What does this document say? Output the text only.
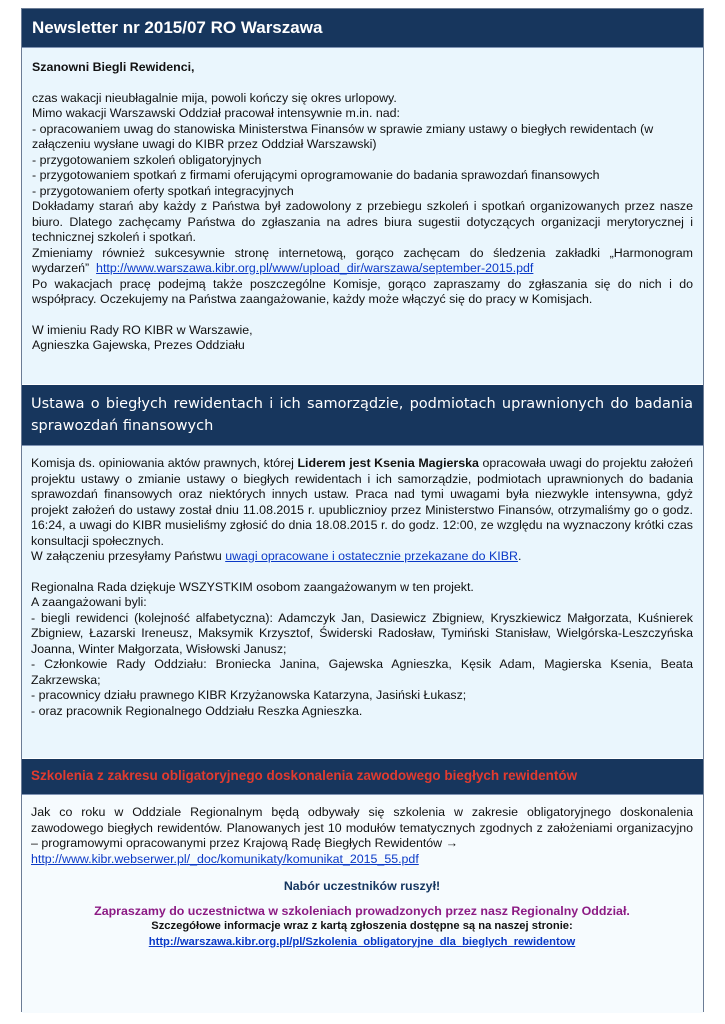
Newsletter nr 2015/07 RO Warszawa

Szanowni Biegli Rewidenci,

czas wakacji nieubłagalnie mija, powoli kończy się okres urlopowy.

Mimo wakacji Warszawski Oddział pracował intensywnie m.in. nad:

- opracowaniem uwag do stanowiska Ministerstwa Finansów w sprawie zmiany ustawy o biegłych rewidentach (w załączeniu wysłane uwagi do KIBR przez Oddział Warszawski)

- przygotowaniem szkoleń obligatoryjnych

- przygotowaniem spotkań z firmami oferującymi oprogramowanie do badania sprawozdań finansowych

- przygotowaniem oferty spotkań integracyjnych

Dokładamy starań aby każdy z Państwa był zadowolony z przebiegu szkoleń i spotkań organizowanych przez nasze biuro. Dlatego zachęcamy Państwa do zgłaszania na adres biura sugestii dotyczących organizacji merytorycznej i technicznej szkoleń i spotkań.

Zmieniamy również sukcesywnie stronę internetową, gorąco zachęcam do śledzenia zakładki „Harmonogram wydarzeń” http://www.warszawa.kibr.org.pl/www/upload_dir/warszawa/september-2015.pdf

Po wakacjach pracę podejmą także poszczególne Komisje, gorąco zapraszamy do zgłaszania się do nich i do współpracy. Oczekujemy na Państwa zaangażowanie, każdy może włączyć się do pracy w Komisjach.

W imieniu Rady RO KIBR w Warszawie,

Agnieszka Gajewska, Prezes Oddziału

Ustawa o biegłych rewidentach i ich samorządzie, podmiotach uprawnionych do badania sprawozdań finansowych

Komisja ds. opiniowania aktów prawnych, której Liderem jest Ksenia Magierska opracowała uwagi do projektu założeń projektu ustawy o zmianie ustawy o biegłych rewidentach i ich samorządzie, podmiotach uprawnionych do badania sprawozdań finansowych oraz niektórych innych ustaw. Praca nad tymi uwagami była niezwykle intensywna, gdyż projekt założeń do ustawy został dniu 11.08.2015 r. upublicznioy przez Ministerstwo Finansów, otrzymaliśmy go o godz. 16:24, a uwagi do KIBR musieliśmy zgłosić do dnia 18.08.2015 r. do godz. 12:00, ze względu na wyznaczony krótki czas konsultacji społecznych.

W załączeniu przesyłamy Państwu uwagi opracowane i ostatecznie przekazane do KIBR.

Regionalna Rada dziękuje WSZYSTKIM osobom zaangażowanym w ten projekt.

A zaangażowani byli:

- biegli rewidenci (kolejność alfabetyczna): Adamczyk Jan, Dasiewicz Zbigniew, Kryszkiewicz Małgorzata, Kuśnierek Zbigniew, Łazarski Ireneusz, Maksymik Krzysztof, Świderski Radosław, Tymiński Stanisław, Wielgórska-Leszczyńska Joanna, Winter Małgorzata, Wisłowski Janusz;

- Członkowie Rady Oddziału: Broniecka Janina, Gajewska Agnieszka, Kęsik Adam, Magierska Ksenia, Beata Zakrzewska;

- pracownicy działu prawnego KIBR Krzyżanowska Katarzyna, Jasiński Łukasz;

- oraz pracownik Regionalnego Oddziału Reszka Agnieszka.

Szkolenia z zakresu obligatoryjnego doskonalenia zawodowego biegłych rewidentów

Jak co roku w Oddziale Regionalnym będą odbywały się szkolenia w zakresie obligatoryjnego doskonalenia zawodowego biegłych rewidentów. Planowanych jest 10 modułów tematycznych zgodnych z założeniami organizacyjno – programowymi opracowanymi przez Krajową Radę Biegłych Rewidentów →

http://www.kibr.webserwer.pl/_doc/komunikaty/komunikat_2015_55.pdf

Nabór uczestników ruszył!

Zapraszamy do uczestnictwa w szkoleniach prowadzonych przez nasz Regionalny Oddział.

Szczegółowe informacje wraz z kartą zgłoszenia dostępne są na naszej stronie:

http://warszawa.kibr.org.pl/pl/Szkolenia_obligatoryjne_dla_bieglych_rewidentow
